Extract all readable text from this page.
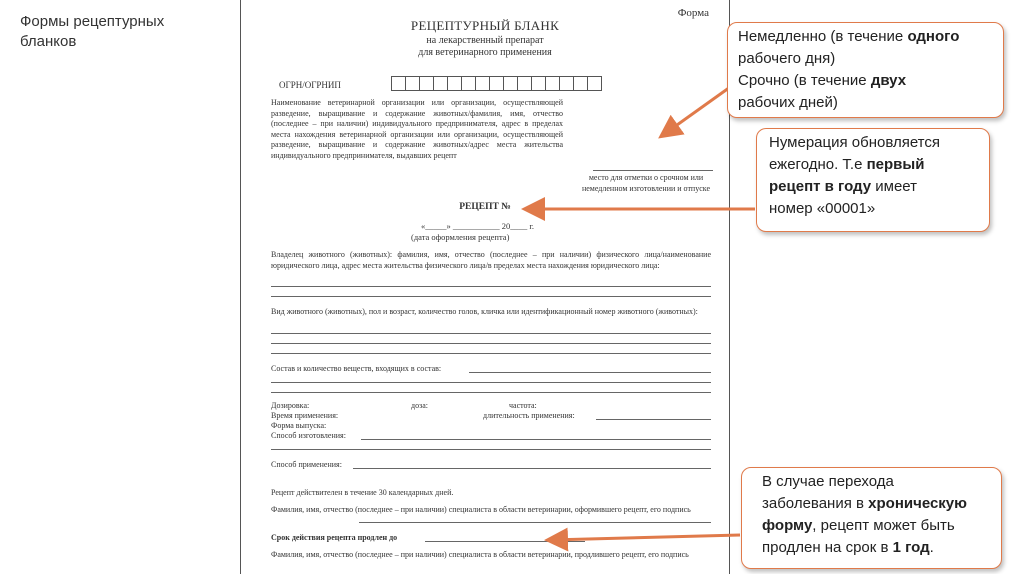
Формы рецептурных бланков
Форма
РЕЦЕПТУРНЫЙ БЛАНК
на лекарственный препарат
для ветеринарного применения
ОГРН/ОГРНИП
Наименование ветеринарной организации или организации, осуществляющей разведение, выращивание и содержание животных/фамилия, имя, отчество (последнее – при наличии) индивидуального предпринимателя, адрес в пределах места нахождения ветеринарной организации или организации, осуществляющей разведение, выращивание и содержание животных/адрес места жительства индивидуального предпринимателя, выдавших рецепт
место для отметки о срочном или немедленном изготовлении и отпуске
РЕЦЕПТ №
«_____» ___________ 20____ г.
(дата оформления рецепта)
Владелец животного (животных): фамилия, имя, отчество (последнее – при наличии) физического лица/наименование юридического лица, адрес места жительства физического лица/в пределах места нахождения юридического лица:
Вид животного (животных), пол и возраст, количество голов, кличка или идентификационный номер животного (животных):
Состав и количество веществ, входящих в состав:
Дозировка:	доза:	частота:
Время применения:	длительность применения:
Форма выпуска:
Способ изготовления:
Способ применения:
Рецепт действителен в течение 30 календарных дней.
Фамилия, имя, отчество (последнее – при наличии) специалиста в области ветеринарии, оформившего рецепт, его подпись
Срок действия рецепта продлен до
Фамилия, имя, отчество (последнее – при наличии) специалиста в области ветеринарии, продлившего рецепт, его подпись
Немедленно (в течение одного
рабочего дня)
Срочно (в течение двух
рабочих дней)
Нумерация обновляется
ежегодно. Т.е первый
рецепт в году имеет
номер «00001»
В случае перехода
заболевания в хроническую
форму, рецепт может быть
продлен на срок в 1 год.
